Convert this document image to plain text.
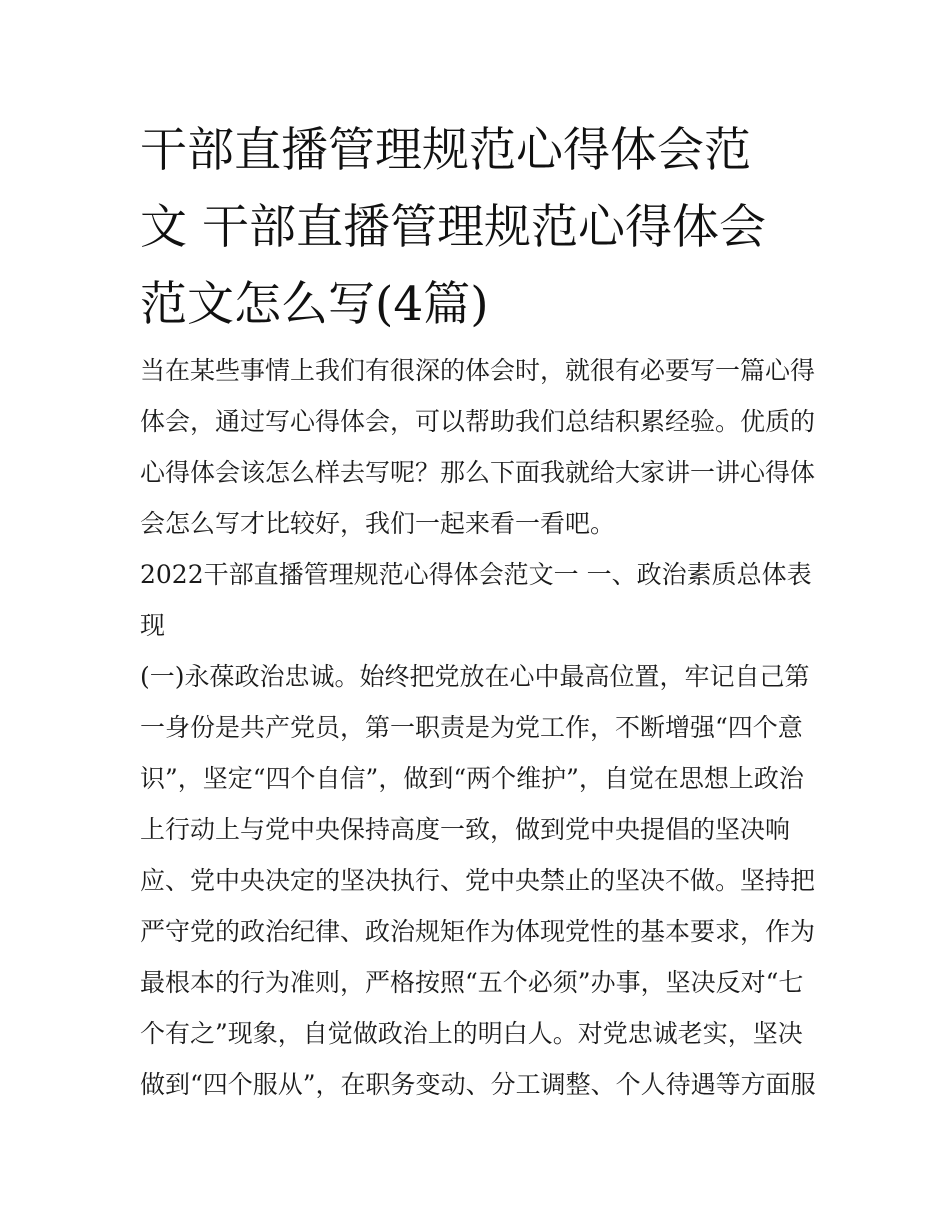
干部直播管理规范心得体会范
文 干部直播管理规范心得体会
范文怎么写(4篇)
当在某些事情上我们有很深的体会时，就很有必要写一篇心得
体会，通过写心得体会，可以帮助我们总结积累经验。优质的
心得体会该怎么样去写呢？那么下面我就给大家讲一讲心得体
会怎么写才比较好，我们一起来看一看吧。
2022干部直播管理规范心得体会范文一 一、政治素质总体表
现
(一)永葆政治忠诚。始终把党放在心中最高位置，牢记自己第
一身份是共产党员，第一职责是为党工作，不断增强“四个意
识”，坚定“四个自信”，做到“两个维护”，自觉在思想上政治
上行动上与党中央保持高度一致，做到党中央提倡的坚决响
应、党中央决定的坚决执行、党中央禁止的坚决不做。坚持把
严守党的政治纪律、政治规矩作为体现党性的基本要求，作为
最根本的行为准则，严格按照“五个必须”办事，坚决反对“七
个有之”现象，自觉做政治上的明白人。对党忠诚老实，坚决
做到“四个服从”，在职务变动、分工调整、个人待遇等方面服
